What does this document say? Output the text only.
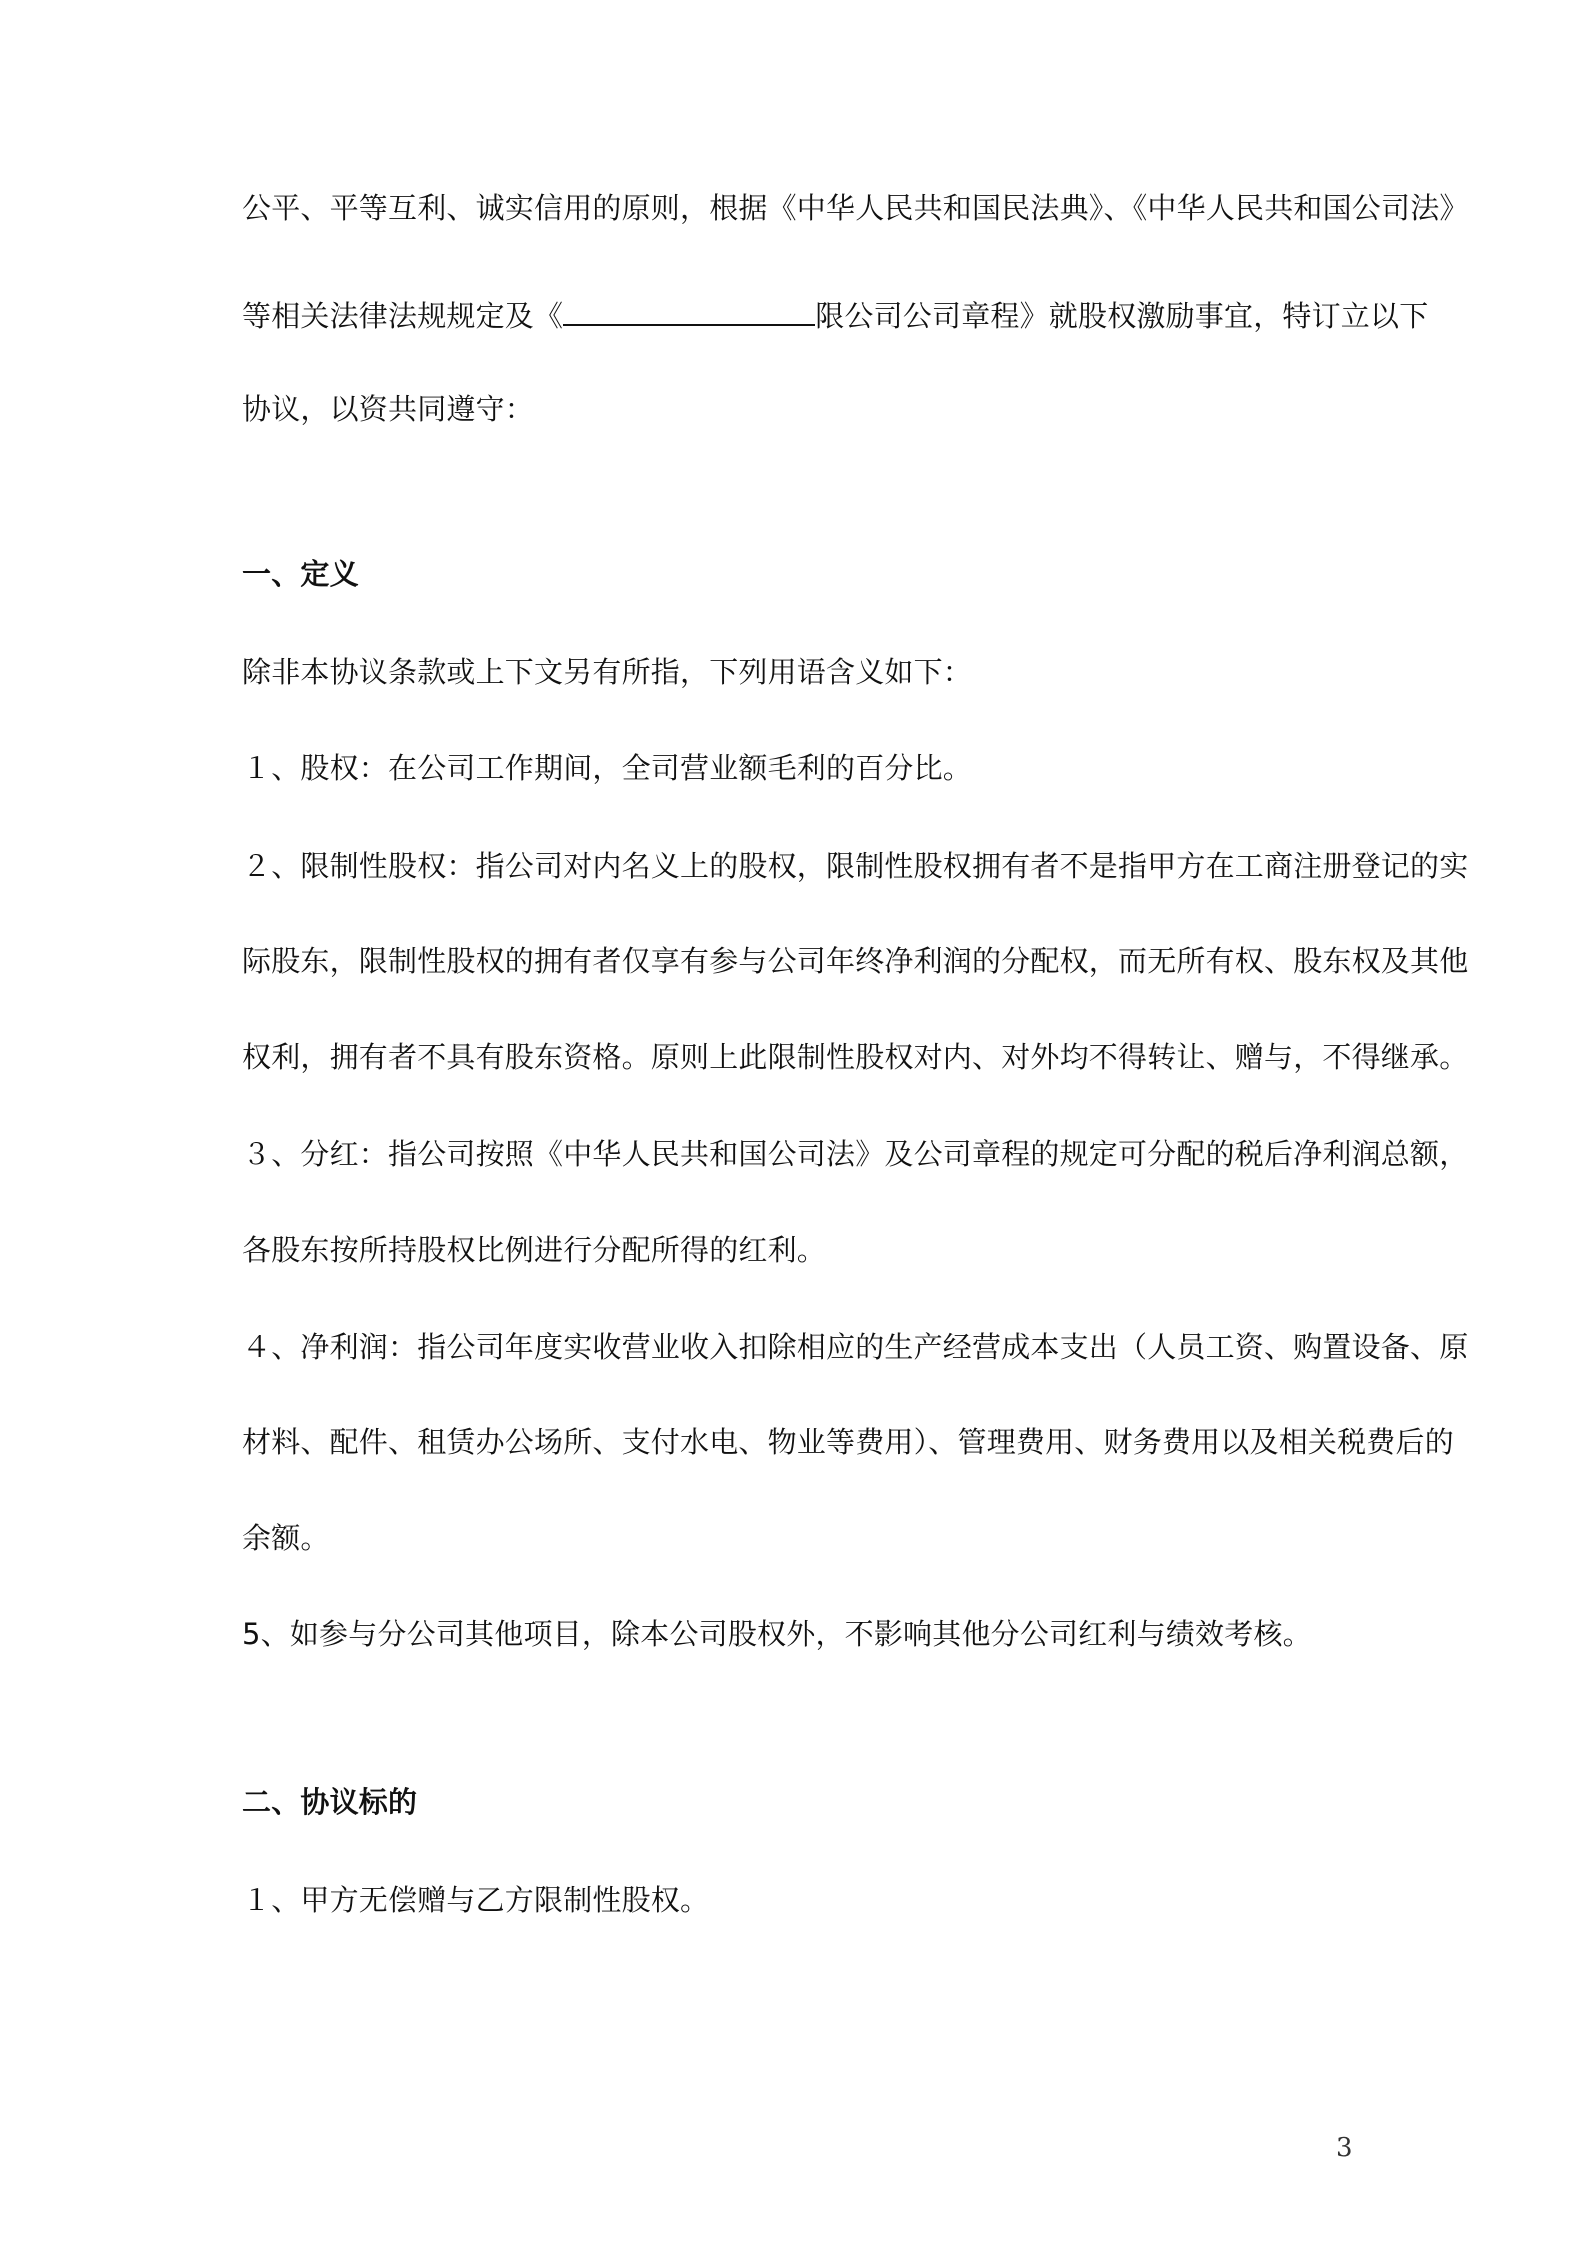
公平、平等互利、诚实信用的原则，根据《中华人民共和国民法典》、《中华人民共和国公司法》
等相关法律法规规定及《	限公司公司章程》就股权激励事宜，特订立以下
协议，以资共同遵守：
一、定义
除非本协议条款或上下文另有所指，下列用语含义如下：
１、股权：在公司工作期间，全司营业额毛利的百分比。
２、限制性股权：指公司对内名义上的股权，限制性股权拥有者不是指甲方在工商注册登记的实
际股东，限制性股权的拥有者仅享有参与公司年终净利润的分配权，而无所有权、股东权及其他
权利，拥有者不具有股东资格。原则上此限制性股权对内、对外均不得转让、赠与，不得继承。
３、分红：指公司按照《中华人民共和国公司法》及公司章程的规定可分配的税后净利润总额，
各股东按所持股权比例进行分配所得的红利。
４、净利润：指公司年度实收营业收入扣除相应的生产经营成本支出（人员工资、购置设备、原
材料、配件、租赁办公场所、支付水电、物业等费用）、管理费用、财务费用以及相关税费后的
余额。
5、如参与分公司其他项目，除本公司股权外，不影响其他分公司红利与绩效考核。
二、协议标的
１、甲方无偿赠与乙方限制性股权。
3
